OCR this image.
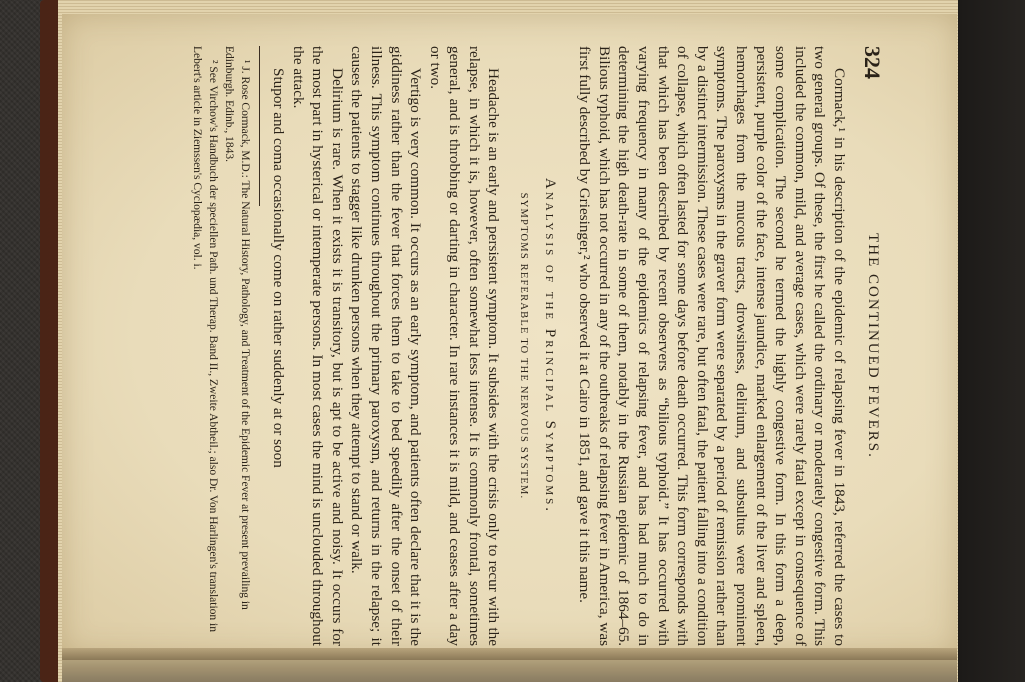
324
THE CONTINUED FEVERS.

Cormack,¹ in his description of the epidemic of relapsing fever in 1843, referred the cases to two general groups. Of these, the first he called the ordinary or moderately congestive form. This included the common, mild, and average cases, which were rarely fatal except in consequence of some complication. The second he termed the highly congestive form. In this form a deep, persistent, purple color of the face, intense jaundice, marked enlargement of the liver and spleen, hemorrhages from the mucous tracts, drowsiness, delirium, and subsultus were prominent symptoms. The paroxysms in the graver form were separated by a period of remission rather than by a distinct intermission. These cases were rare, but often fatal, the patient falling into a condition of collapse, which often lasted for some days before death occurred. This form corresponds with that which has been described by recent observers as “bilious typhoid.” It has occurred with varying frequency in many of the epidemics of relapsing fever, and has had much to do in determining the high death-rate in some of them, notably in the Russian epidemic of 1864–65. Bilious typhoid, which has not occurred in any of the outbreaks of relapsing fever in America, was first fully described by Griesinger,² who observed it at Cairo in 1851, and gave it this name.

Analysis of the Principal Symptoms.
SYMPTOMS REFERABLE TO THE NERVOUS SYSTEM.

Headache is an early and persistent symptom. It subsides with the crisis only to recur with the relapse, in which it is, however, often somewhat less intense. It is commonly frontal, sometimes general, and is throbbing or darting in character. In rare instances it is mild, and ceases after a day or two.

Vertigo is very common. It occurs as an early symptom, and patients often declare that it is the giddiness rather than the fever that forces them to take to bed speedily after the onset of their illness. This symptom continues throughout the primary paroxysm, and returns in the relapse; it causes the patients to stagger like drunken persons when they attempt to stand or walk.

Delirium is rare. When it exists it is transitory, but is apt to be active and noisy. It occurs for the most part in hysterical or intemperate persons. In most cases the mind is unclouded throughout the attack.

Stupor and coma occasionally come on rather suddenly at or soon

¹ J. Rose Cormack, M.D.: The Natural History, Pathology, and Treatment of the Epidemic Fever at present prevailing in Edinburgh. Edinb., 1843.

² See Virchow's Handbuch der speciellen Path. und Therap. Band II., Zweite Abtheil.; also Dr. Von Harlingen's translation in Lebert's article in Ziemssen's Cyclopædia, vol. i.
